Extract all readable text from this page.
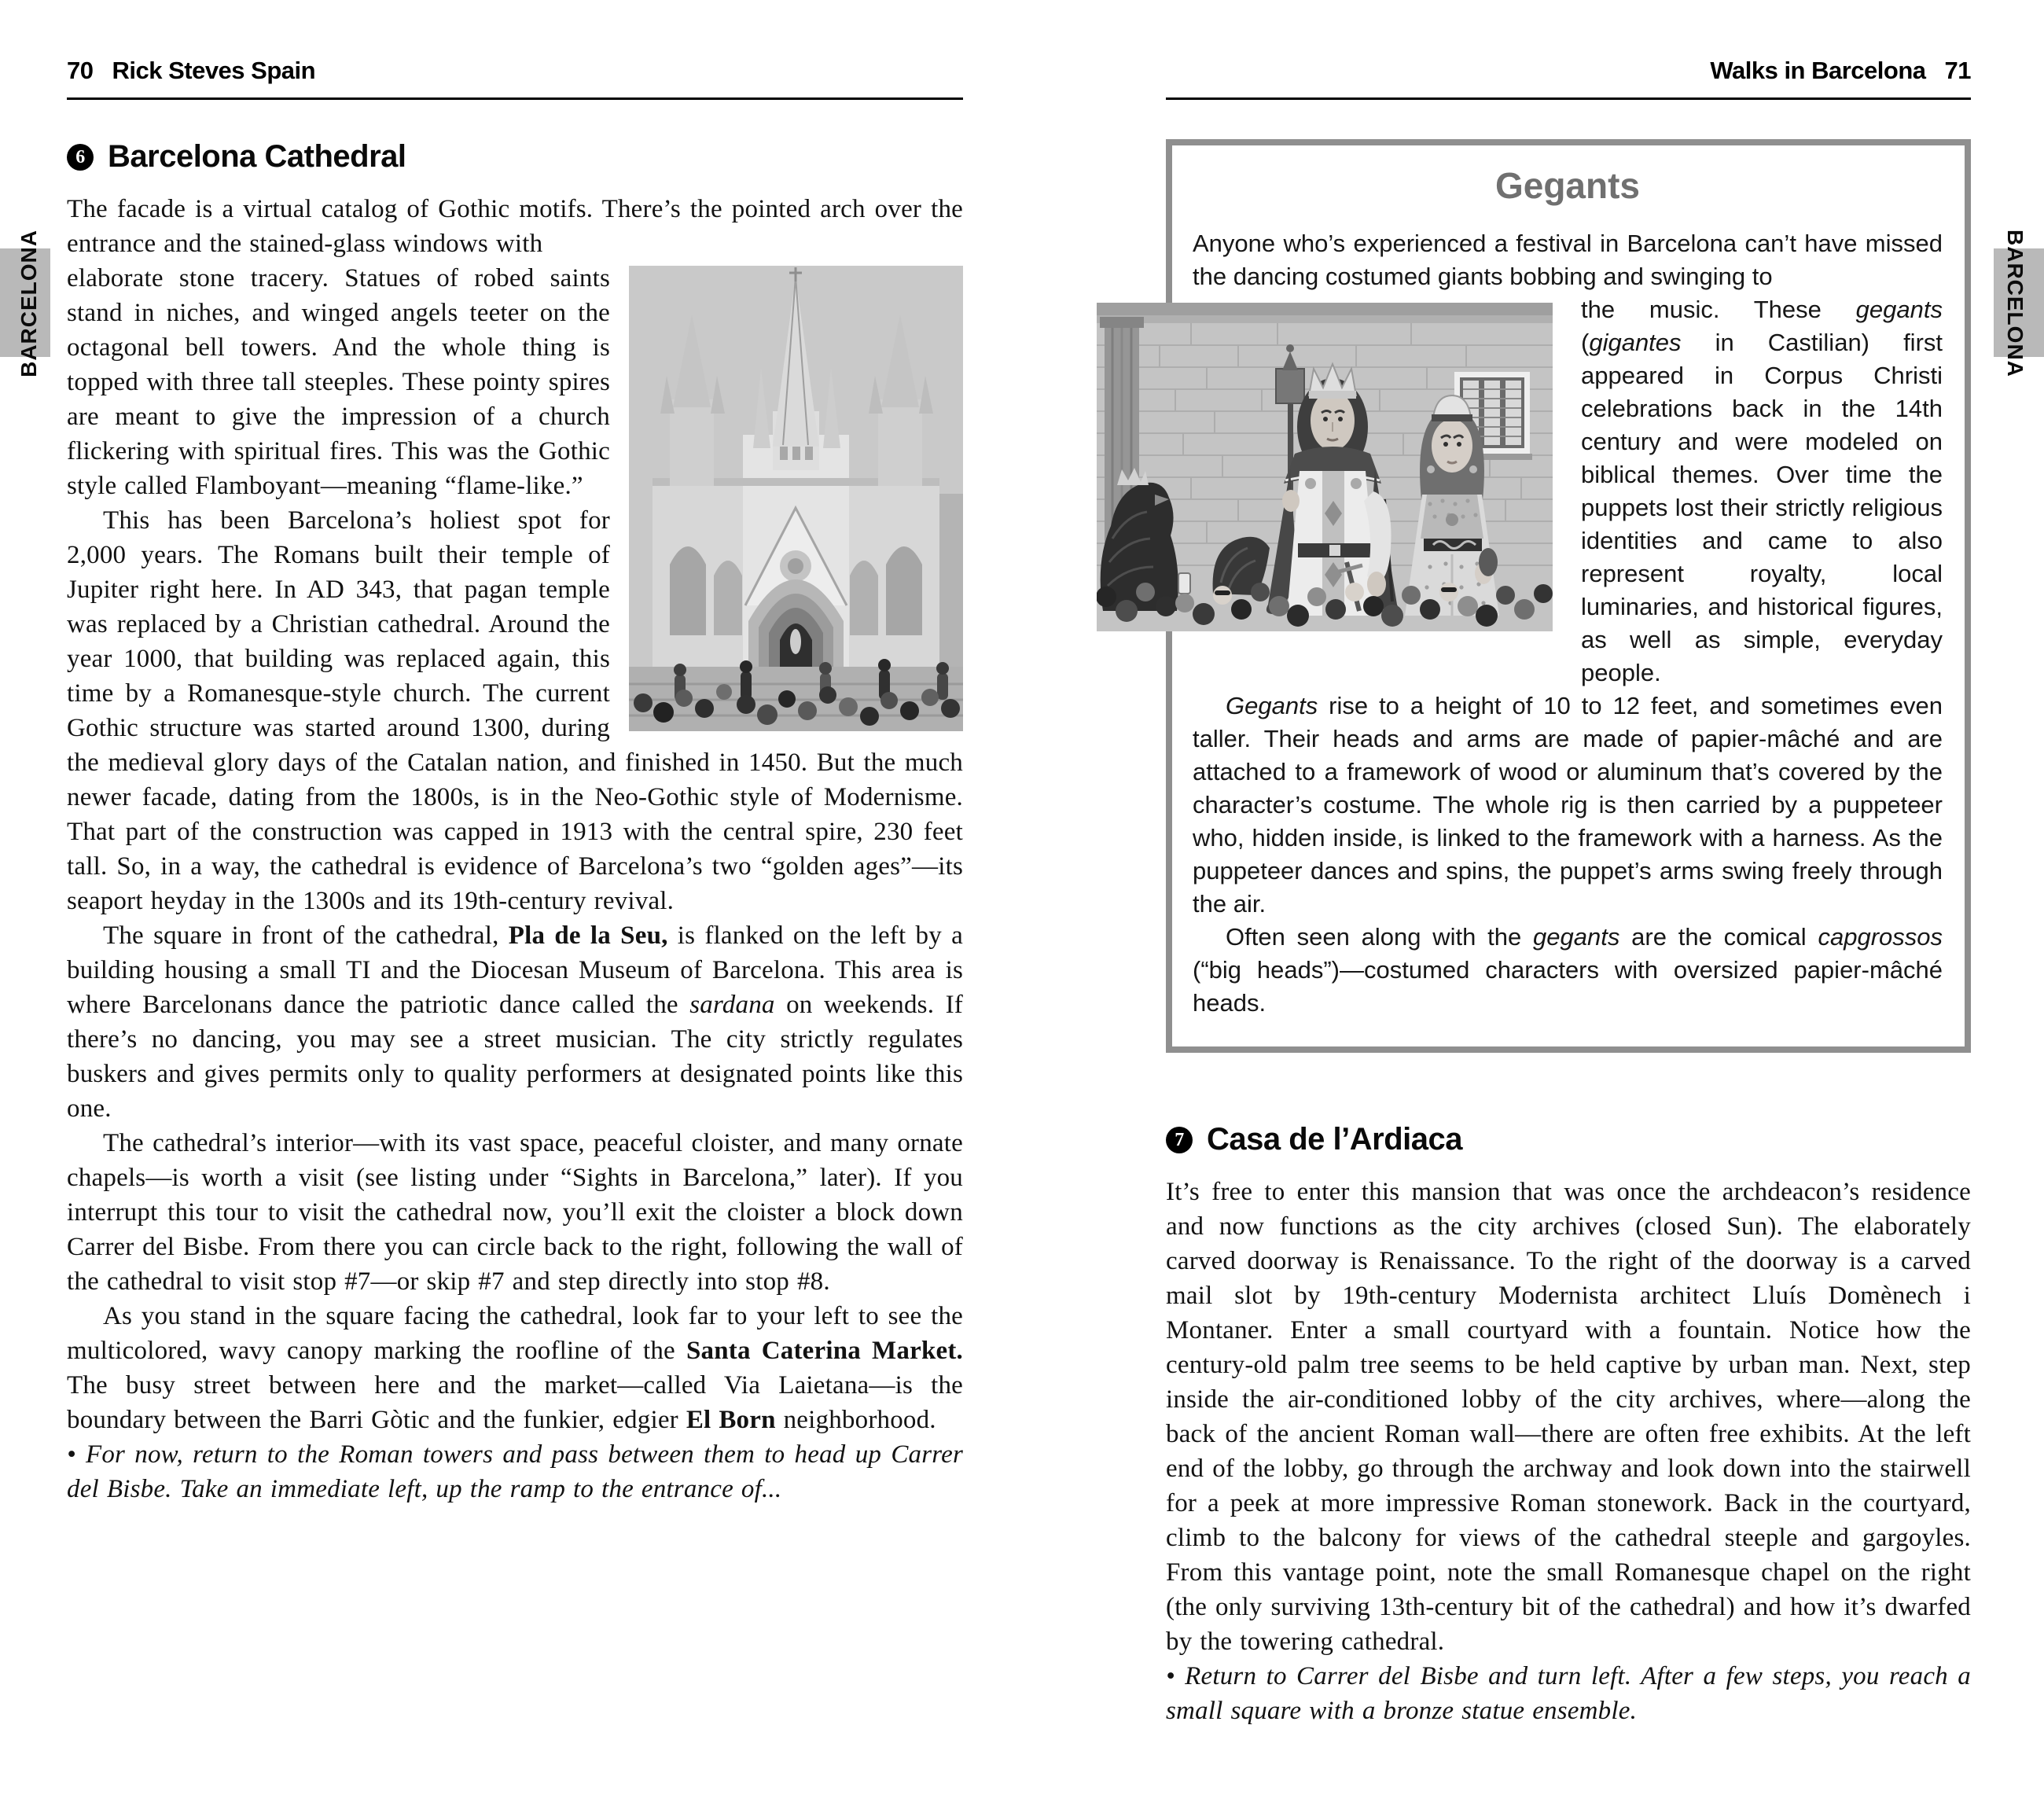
BARCELONA	BARCELONA
70 Rick Steves Spain
6 Barcelona Cathedral

The facade is a virtual catalog of Gothic motifs. There’s the pointed arch over the entrance and the stained-glass windows with

elaborate stone tracery. Statues of robed saints stand in niches, and winged angels teeter on the octagonal bell towers. And the whole thing is topped with three tall steeples. These pointy spires are meant to give the impression of a church flickering with spiritual fires. This was the Gothic style called Flamboyant—meaning “flame-like.”

This has been Barcelona’s holiest spot for 2,000 years. The Romans built their temple of Jupiter right here. In AD 343, that pagan temple was replaced by a Christian cathedral. Around the year 1000, that building was replaced again, this time by a Romanesque-style church. The current Gothic structure was started around 1300, during the medieval glory days of the Catalan nation, and finished in 1450. But the much newer facade, dating from the 1800s, is in the Neo-Gothic style of Modernisme. That part of the construction was capped in 1913 with the central spire, 230 feet tall. So, in a way, the cathedral is evidence of Barcelona’s two “golden ages”—its seaport heyday in the 1300s and its 19th-century revival.

The square in front of the cathedral, Pla de la Seu, is flanked on the left by a building housing a small TI and the Diocesan Museum of Barcelona. This area is where Barcelonans dance the patriotic dance called the sardana on weekends. If there’s no dancing, you may see a street musician. The city strictly regulates buskers and gives permits only to quality performers at designated points like this one.

The cathedral’s interior—with its vast space, peaceful cloister, and many ornate chapels—is worth a visit (see listing under “Sights in Barcelona,” later). If you interrupt this tour to visit the cathedral now, you’ll exit the cloister a block down Carrer del Bisbe. From there you can circle back to the right, following the wall of the cathedral to visit stop #7—or skip #7 and step directly into stop #8.

As you stand in the square facing the cathedral, look far to your left to see the multicolored, wavy canopy marking the roofline of the Santa Caterina Market. The busy street between here and the market—called Via Laietana—is the boundary between the Barri Gòtic and the funkier, edgier El Born neighborhood.

• For now, return to the Roman towers and pass between them to head up Carrer del Bisbe. Take an immediate left, up the ramp to the entrance of...

Walks in Barcelona 71
Gegants

Anyone who’s experienced a festival in Barcelona can’t have missed the dancing costumed giants bobbing and swinging to

the music. These gegants (gigantes in Castilian) first appeared in Corpus Christi celebrations back in the 14th century and were modeled on biblical themes. Over time the puppets lost their strictly religious identities and came to also represent royalty, local luminaries, and historical figures, as well as simple, everyday people.

Gegants rise to a height of 10 to 12 feet, and sometimes even taller. Their heads and arms are made of papier-mâché and are attached to a framework of wood or aluminum that’s covered by the character’s costume. The whole rig is then carried by a puppeteer who, hidden inside, is linked to the framework with a harness. As the puppeteer dances and spins, the puppet’s arms swing freely through the air.

Often seen along with the gegants are the comical capgrossos (“big heads”)—costumed characters with oversized papier-mâché heads.

7 Casa de l’Ardiaca

It’s free to enter this mansion that was once the archdeacon’s residence and now functions as the city archives (closed Sun). The elaborately carved doorway is Renaissance. To the right of the doorway is a carved mail slot by 19th-century Modernista architect Lluís Domènech i Montaner. Enter a small courtyard with a fountain. Notice how the century-old palm tree seems to be held captive by urban man. Next, step inside the air-conditioned lobby of the city archives, where—along the back of the ancient Roman wall—there are often free exhibits. At the left end of the lobby, go through the archway and look down into the stairwell for a peek at more impressive Roman stonework. Back in the courtyard, climb to the balcony for views of the cathedral steeple and gargoyles. From this vantage point, note the small Romanesque chapel on the right (the only surviving 13th-century bit of the cathedral) and how it’s dwarfed by the towering cathedral.

• Return to Carrer del Bisbe and turn left. After a few steps, you reach a small square with a bronze statue ensemble.
